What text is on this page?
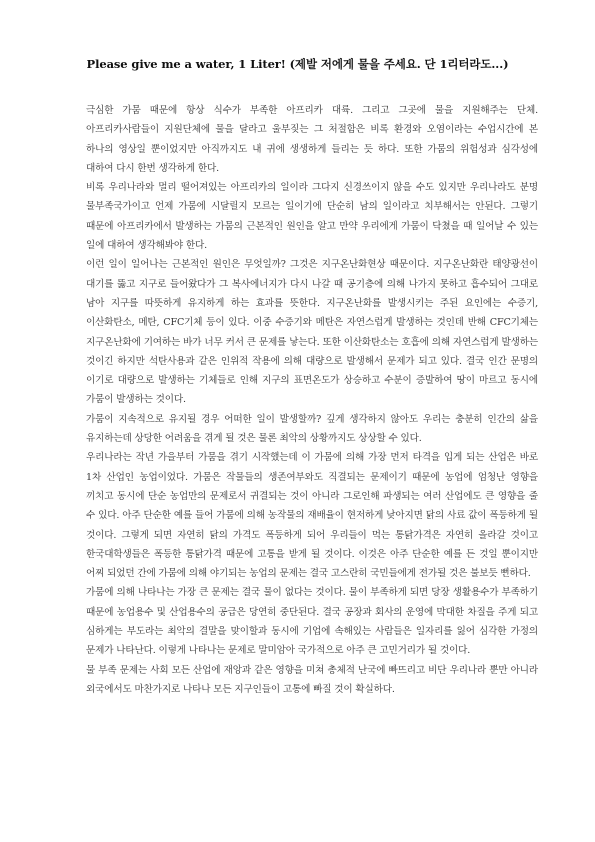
Please give me a water, 1 Liter! (제발 저에게 물을 주세요. 단 1리터라도...)

극심한 가뭄 때문에 항상 식수가 부족한 아프리카 대륙. 그리고 그곳에 물을 지원해주는 단체. 아프리카사람들이 지원단체에 물을 달라고 울부짖는 그 처절함은 비록 환경와 오염이라는 수업시간에 본 하나의 영상일 뿐이었지만 아직까지도 내 귀에 생생하게 들리는 듯 하다. 또한 가뭄의 위험성과 심각성에 대하여 다시 한번 생각하게 한다.

비록 우리나라와 멀리 떨어져있는 아프리카의 일이라 그다지 신경쓰이지 않을 수도 있지만 우리나라도 분명 물부족국가이고 언제 가뭄에 시달릴지 모르는 일이기에 단순히 남의 일이라고 치부해서는 안된다. 그렇기 때문에 아프리카에서 발생하는 가뭄의 근본적인 원인을 알고 만약 우리에게 가뭄이 닥쳤을 때 일어날 수 있는 일에 대하여 생각해봐야 한다.

이런 일이 일어나는 근본적인 원인은 무엇일까? 그것은 지구온난화현상 때문이다. 지구온난화란 태양광선이 대기를 뚫고 지구로 들어왔다가 그 복사에너지가 다시 나갈 때 공기층에 의해 나가지 못하고 흡수되어 그대로 남아 지구를 따뜻하게 유지하게 하는 효과를 뜻한다. 지구온난화를 발생시키는 주된 요인에는 수증기, 이산화탄소, 메탄, CFC기체 등이 있다. 이중 수증기와 메탄은 자연스럽게 발생하는 것인데 반해 CFC기체는 지구온난화에 기여하는 바가 너무 커서 큰 문제를 낳는다. 또한 이산화탄소는 호흡에 의해 자연스럽게 발생하는 것이긴 하지만 석탄사용과 같은 인위적 작용에 의해 대량으로 발생해서 문제가 되고 있다. 결국 인간 문명의 이기로 대량으로 발생하는 기체들로 인해 지구의 표면온도가 상승하고 수분이 증발하여 땅이 마르고 동시에 가뭄이 발생하는 것이다.

가뭄이 지속적으로 유지될 경우 어떠한 일이 발생할까? 깊게 생각하지 않아도 우리는 충분히 인간의 삶을 유지하는데 상당한 어려움을 겪게 될 것은 물론 최악의 상황까지도 상상할 수 있다.

우리나라는 작년 가을부터 가뭄을 겪기 시작했는데 이 가뭄에 의해 가장 먼저 타격을 입게 되는 산업은 바로 1차 산업인 농업이었다. 가뭄은 작물들의 생존여부와도 직결되는 문제이기 때문에 농업에 엄청난 영향을 끼치고 동시에 단순 농업만의 문제로서 귀결되는 것이 아니라 그로인해 파생되는 여러 산업에도 큰 영향을 줄 수 있다. 아주 단순한 예를 들어 가뭄에 의해 농작물의 재배율이 현저하게 낮아지면 닭의 사료 값이 폭등하게 될 것이다. 그렇게 되면 자연히 닭의 가격도 폭등하게 되어 우리들이 먹는 통닭가격은 자연히 올라갈 것이고 한국대학생들은 폭등한 통닭가격 때문에 고통을 받게 될 것이다. 이것은 아주 단순한 예를 든 것일 뿐이지만 어찌 되었던 간에 가뭄에 의해 야기되는 농업의 문제는 결국 고스란히 국민들에게 전가될 것은 불보듯 뻔하다.

가뭄에 의해 나타나는 가장 큰 문제는 결국 물이 없다는 것이다. 물이 부족하게 되면 당장 생활용수가 부족하기 때문에 농업용수 및 산업용수의 공급은 당연히 중단된다. 결국 공장과 회사의 운영에 막대한 차질을 주게 되고 심하게는 부도라는 최악의 결말을 맞이할과 동시에 기업에 속해있는 사람들은 일자리를 잃어 심각한 가정의 문제가 나타난다. 이렇게 나타나는 문제로 말미암아 국가적으로 아주 큰 고민거리가 될 것이다.

물 부족 문제는 사회 모든 산업에 재앙과 같은 영향을 미쳐 총체적 난국에 빠뜨리고 비단 우리나라 뿐만 아니라 외국에서도 마찬가지로 나타나 모든 지구인들이 고통에 빠질 것이 확실하다.
